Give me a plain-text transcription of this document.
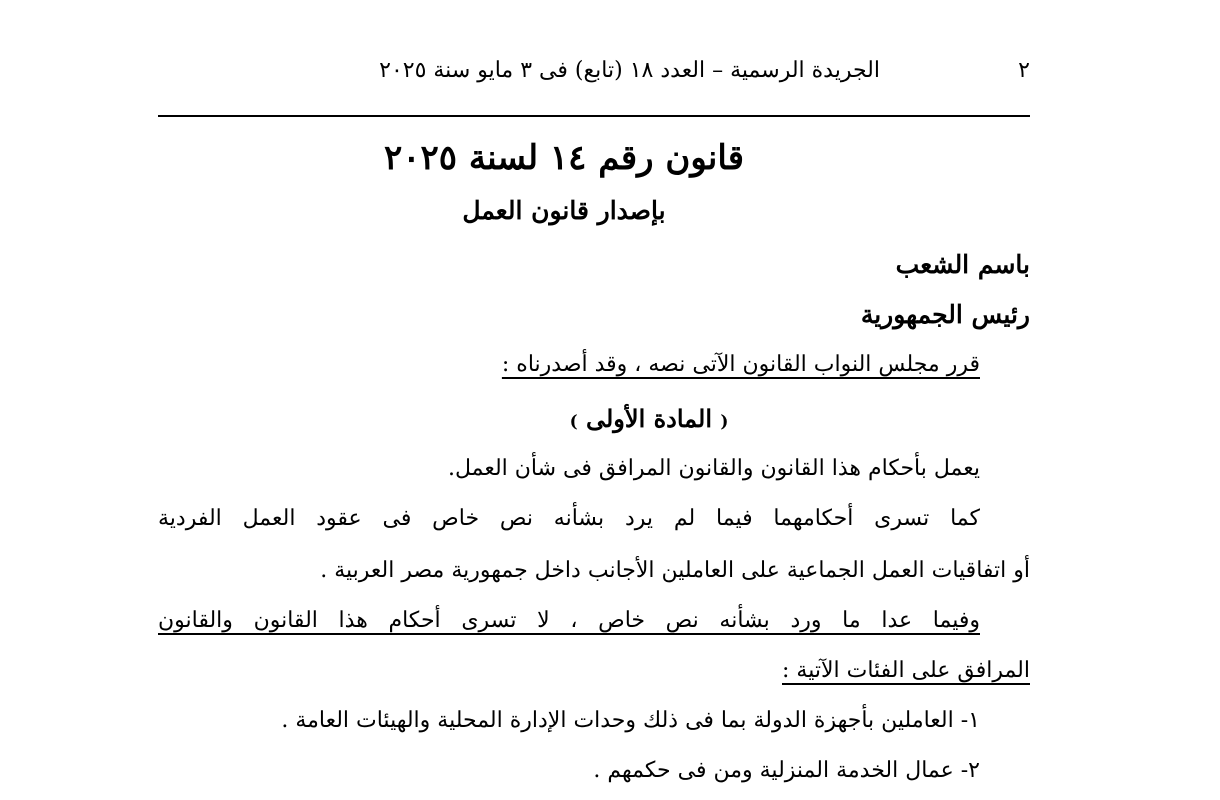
٢
الجريدة الرسمية – العدد ١٨ (تابع) فى ٣ مايو سنة ٢٠٢٥
قانون رقم ١٤ لسنة ٢٠٢٥
بإصدار قانون العمل
باسم الشعب
رئيس الجمهورية
قرر مجلس النواب القانون الآتى نصه ، وقد أصدرناه :
( المادة الأولى )
يعمل بأحكام هذا القانون والقانون المرافق فى شأن العمل.
كما تسرى أحكامهما فيما لم يرد بشأنه نص خاص فى عقود العمل الفردية
أو اتفاقيات العمل الجماعية على العاملين الأجانب داخل جمهورية مصر العربية .
وفيما عدا ما ورد بشأنه نص خاص ، لا تسرى أحكام هذا القانون والقانون
المرافق على الفئات الآتية :
١- العاملين بأجهزة الدولة بما فى ذلك وحدات الإدارة المحلية والهيئات العامة .
٢- عمال الخدمة المنزلية ومن فى حكمهم .
